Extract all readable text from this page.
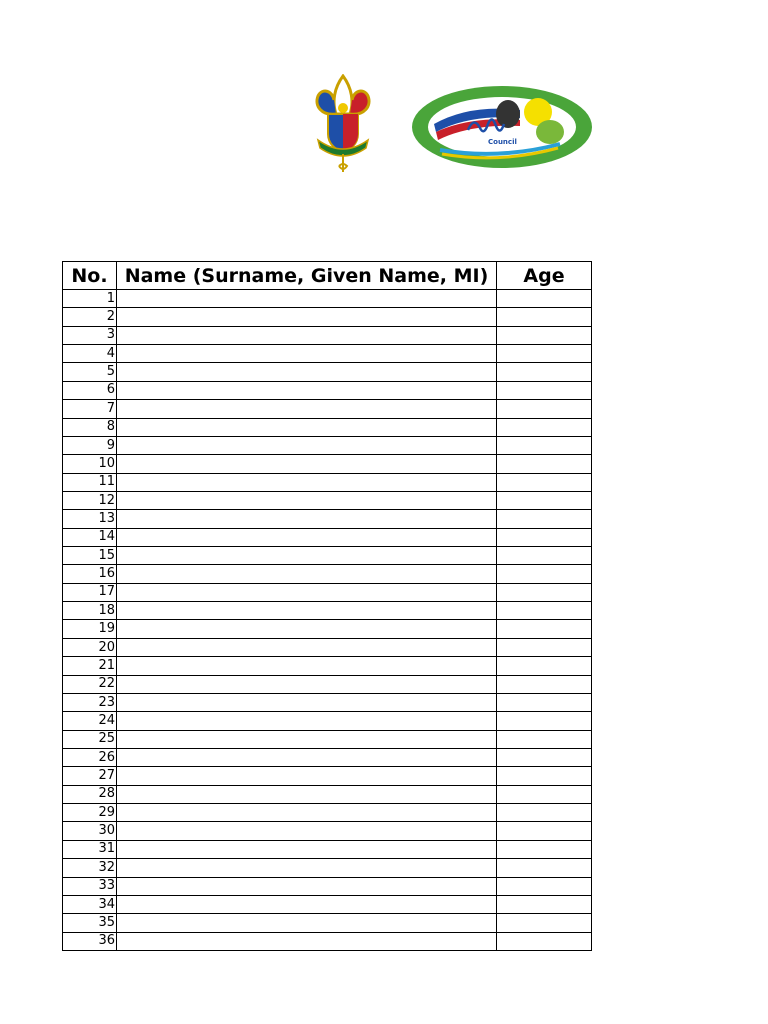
Council
No.	Name (Surname, Given Name, MI)	Age
1		
2		
3		
4		
5		
6		
7		
8		
9		
10		
11		
12		
13		
14		
15		
16		
17		
18		
19		
20		
21		
22		
23		
24		
25		
26		
27		
28		
29		
30		
31		
32		
33		
34		
35		
36		
